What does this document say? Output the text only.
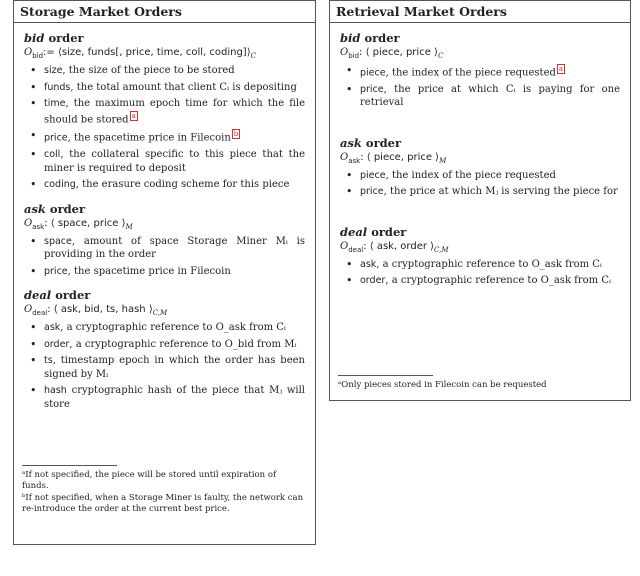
Storage Market Orders
bid order
$O_{bid}:=$ ⟨size, funds[, price, time, coll, $coding]⟩_C$
• size, the size of the piece to be stored
• funds, the total amount that client Cᵢ is depositing
• time, the maximum epoch time for which the file should be stored a
• price, the spacetime price in Filecoin b
• coll, the collateral specific to this piece that the miner is required to deposit
• coding, the erasure coding scheme for this piece
ask order
$O_{ask}$: ⟨ space, price $⟩_M$
• space, amount of space Storage Miner Mᵢ is providing in the order
• price, the spacetime price in Filecoin
deal order
$O_{deal}$: ⟨ ask, bid, ts, hash $⟩_{C,M}$
• ask, a cryptographic reference to O_ask from Cᵢ
• order, a cryptographic reference to O_bid from Mᵢ
• ts, timestamp epoch in which the order has been signed by Mᵢ
• hash cryptographic hash of the piece that Mⱼ will store

ᵃIf not specified, the piece will be stored until expiration of funds.

ᵇIf not specified, when a Storage Miner is faulty, the network can re-introduce the order at the current best price.

Retrieval Market Orders
bid order
$O_{bid}$: ⟨ piece, price $⟩_C$
• piece, the index of the piece requested a
• price, the price at which Cᵢ is paying for one retrieval
ask order
$O_{ask}$: ⟨ piece, price $⟩_M$
• piece, the index of the piece requested
• price, the price at which Mⱼ is serving the piece for
deal order
$O_{deal}$: ⟨ ask, order $⟩_{C,M}$
• ask, a cryptographic reference to O_ask from Cᵢ
• order, a cryptographic reference to O_ask from Cᵢ

ᵃOnly pieces stored in Filecoin can be requested
